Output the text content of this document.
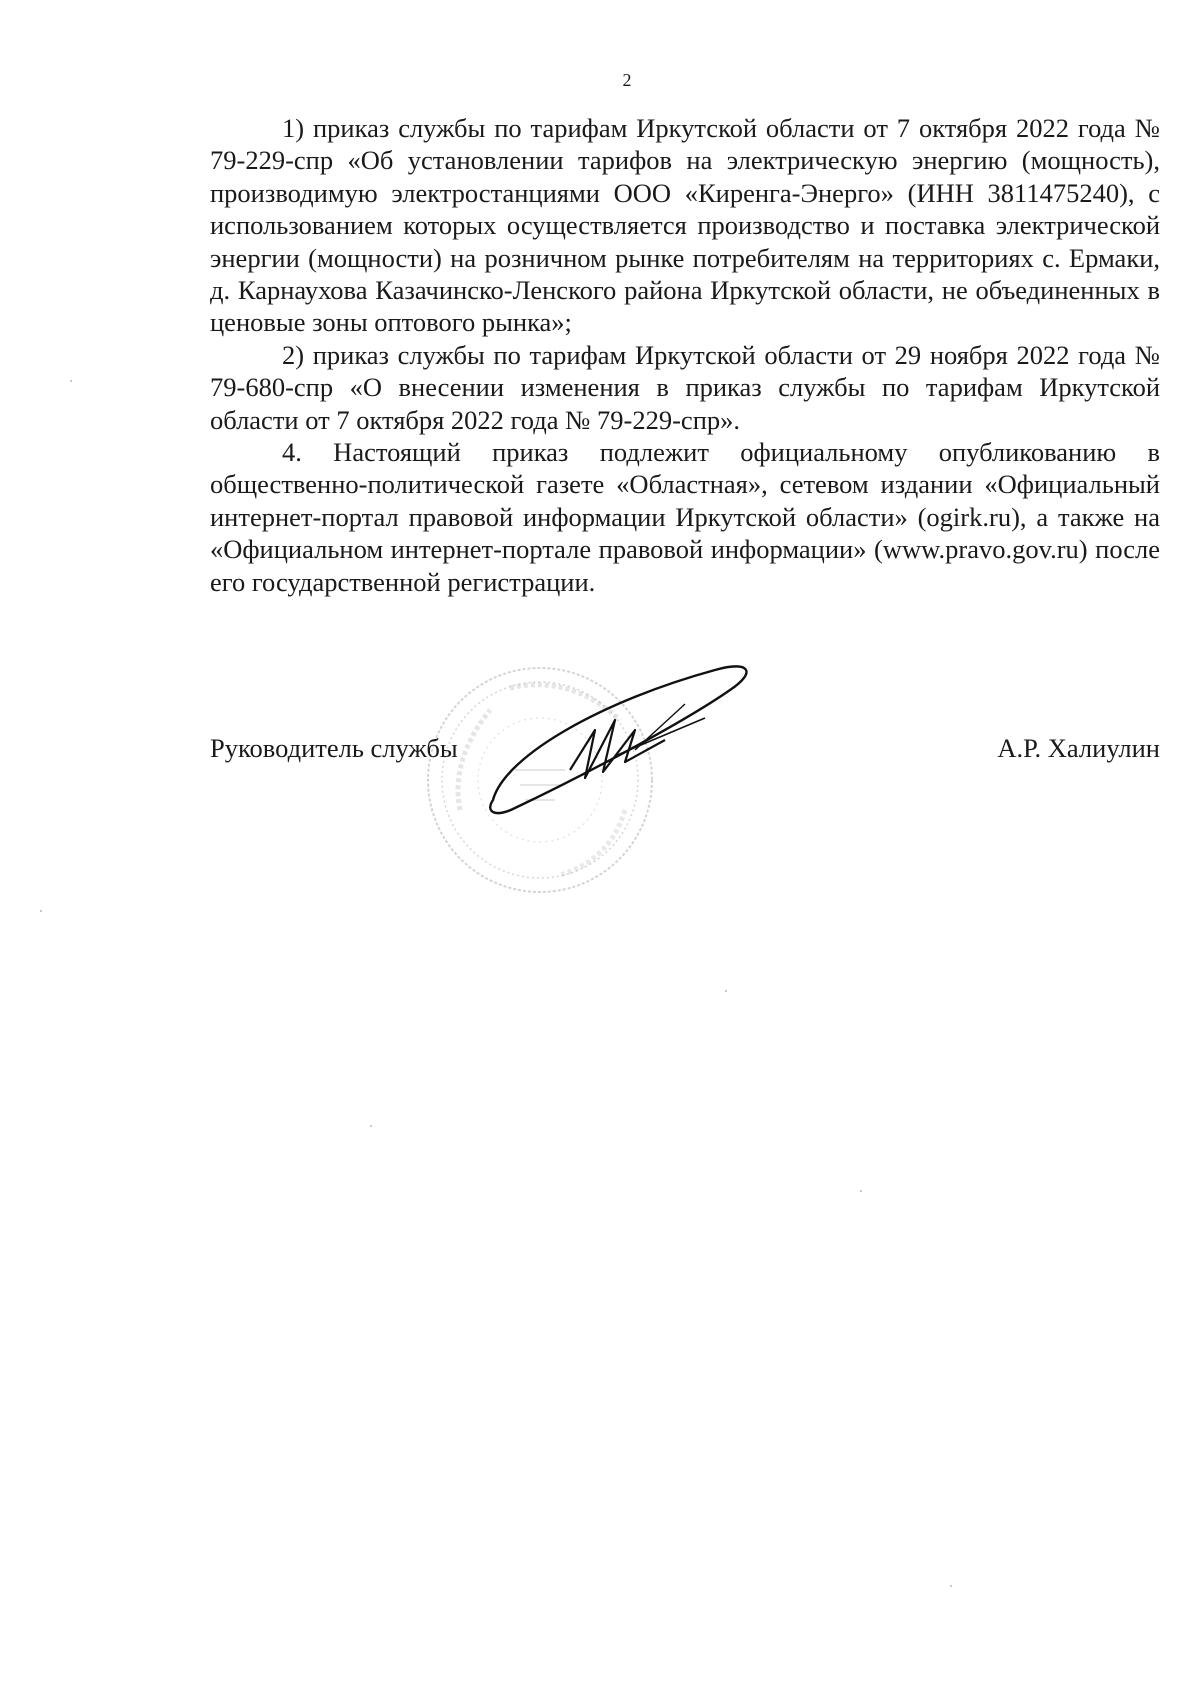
2

1) приказ службы по тарифам Иркутской области от 7 октября 2022 года № 79-229-спр «Об установлении тарифов на электрическую энергию (мощность), производимую электростанциями ООО «Киренга-Энерго» (ИНН 3811475240), с использованием которых осуществляется производство и поставка электрической энергии (мощности) на розничном рынке потребителям на территориях с. Ермаки, д. Карнаухова Казачинско-Ленского района Иркутской области, не объединенных в ценовые зоны оптового рынка»;

2) приказ службы по тарифам Иркутской области от 29 ноября 2022 года № 79-680-спр «О внесении изменения в приказ службы по тарифам Иркутской области от 7 октября 2022 года № 79-229-спр».

4. Настоящий приказ подлежит официальному опубликованию в общественно-политической газете «Областная», сетевом издании «Официальный интернет-портал правовой информации Иркутской области» (ogirk.ru), а также на «Официальном интернет-портале правовой информации» (www.pravo.gov.ru) после его государственной регистрации.

Руководитель службы	А.Р. Халиулин
